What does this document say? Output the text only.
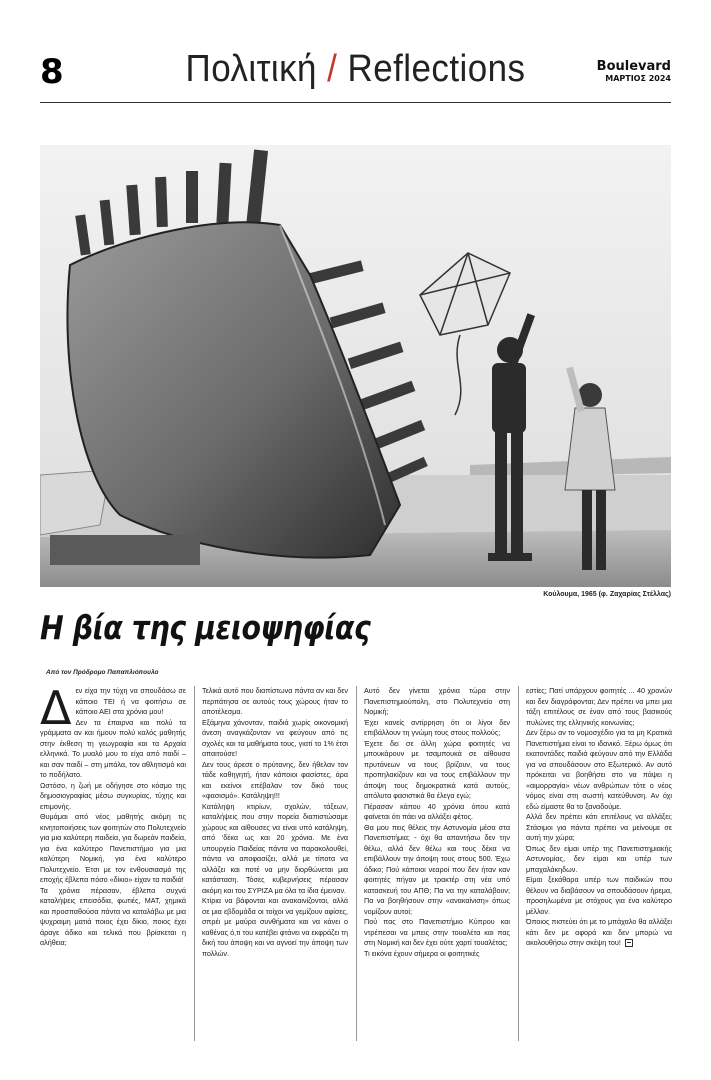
8	Πολιτική / Reflections	Boulevard
ΜΑΡΤΙΟΣ 2024
Κούλουμα, 1965 (φ. Ζαχαρίας Στέλλας)
Η βία της μειοψηφίας
Από τον Πρόδρομο Παπαπλιόπουλο
Δ εν είχα την τύχη να σπουδάσω σε κάποιο ΤΕΙ ή να φοιτήσω σε κάποιο ΑΕΙ στα χρόνια μου!

Δεν τα έπαιρνα και πολύ τα γράμματα αν και ήμουν πολύ καλός μαθητής στην έκθεση τη γεωγραφία και τα Αρχαία ελληνικά. Το μυαλό μου το είχα από παιδί – και σαν παιδί – στη μπάλα, τον αθλητισμό και το ποδήλατο.

Ωστόσο, η ζωή με οδήγησε στο κόσμο της δημοσιογραφίας μέσω συγκυρίας, τύχης και επιμονής.

Θυμάμαι από νέος μαθητής ακόμη τις κινητοποιήσεις των φοιτητών στο Πολυτεχνείο για μια καλύτερη παιδεία, για δωρεάν παιδεία, για ένα καλύτερο Πανεπιστήμιο για μια καλύτερη Νομική, για ένα καλύτερο Πολυτεχνείο. Έτσι με τον ενθουσιασμό της εποχής έβλεπα πόσο «δίκιο» είχαν τα παιδιά!

Τα χρόνια πέρασαν, έβλεπα συχνά καταλήψεις επεισόδια, φωτιές, ΜΑΤ, χημικά και προσπαθούσα πάντα να καταλάβω με μια ψυχραιμη ματιά ποιος έχει δίκιο, ποιος έχει άραγε άδικο και τελικά που βρίσκεται η αλήθεια;

Τελικά αυτό που διαπίστωνα πάντα αν και δεν περπάτησα σε αυτούς τους χώρους ήταν το αποτέλεσμα.

Εξάμηνα χάνονταν, παιδιά χωρίς οικονομική άνεση αναγκάζονταν να φεύγουν από τις σχολές και τα μαθήματα τους, γιατί το 1% έτσι απαιτούσε!

Δεν τους άρεσε ο πρύτανης, δεν ήθελαν τον τάδε καθηγητή, ήταν κάποιοι φασίστες, άρα και εκείνοι επέβαλαν τον δικό τους «φασισμό». Κατάληψη!!!

Κατάληψη κτιρίων, σχολών, τάξεων, καταλήψεις που στην πορεία διαπιστώσαμε χώρους και αίθουσες να είναι υπό κατάληψη, από 'δέκα ως και 20 χρόνια. Με ένα υπουργείο Παιδείας πάντα να παρακολουθεί, πάντα να αποφασίζει, αλλά με τίποτα να αλλάζει και ποτέ να μην διορθώνεται μια κατάσταση. Τόσες κυβερνήσεις πέρασαν ακόμη και του ΣΥΡΙΖΑ μα όλα τα ίδια έμειναν.

Κτίρια να βάφονται και ανακαινίζονται, αλλά σε μια εβδομάδα οι τοίχοι να γεμίζουν αφίσες, σπρέι με μαύρα συνθήματα και να κάνει ο καθένας ό,τι του κατέβει φτάνει να εκφράζει τη δική του άποψη και να αγνοεί την άποψη των πολλών.

Αυτό δεν γίνεται χρόνια τώρα στην Πανεπιστημιούπολη, στο Πολυτεχνείο στη Νομική;

Έχει κανείς αντίρρηση ότι οι λίγοι δεν επιβάλλουν τη γνώμη τους στους πολλούς;

Έχετε δει σε άλλη χώρα φοιτητές να μπουκάρουν με τσαμπουκά σε αίθουσα πρυτάνεων να τους βρίζουν, να τους προπηλακίζουν και να τους επιβάλλουν την άποψη τους δημοκρατικά κατά αυτούς, απόλυτα φασιστικά θα έλεγα εγώ;

Πέρασαν κάπου 40 χρόνια όπου κατά φαίνεται ότι πάει να αλλάξει φέτος.

Θα μου πεις θέλεις την Αστυνομία μέσα στα Πανεπιστήμια; - όχι θα απαντήσω δεν την θέλω, αλλά δεν θέλω και τους δέκα να επιβάλλουν την άποψη τους στους 500. Έχω άδικο; Πού κάποιοι νεαροί που δεν ήταν καν φοιτητές πήγαν με τρακτέρ στη νέα υπό κατασκευή του ΑΠΘ; Πα να την καταλάβουν; Πα να βοηθήσουν στην «ανακαίνιση» όπως νομίζουν αυτοί;

Πού πας στο Πανεπιστήμιο Κύπρου και ντρέπεσαι να μπεις στην τουαλέτα και πας στη Νομική και δεν έχει ούτε χαρτί τουαλέτας;

Τι εικόνα έχουν σήμερα οι φοιτητικές

εστίες; Πατί υπάρχουν φοιτητές ... 40 χρονών και δεν διαγράφονται; Δεν πρέπει να μπει μια τάξη επιτέλους σε έναν από τους βασικούς πυλώνες της ελληνικής κοινωνίας;

Δεν ξέρω αν το νομοσχέδιο για τα μη Κρατικά Πανεπιστήμια είναι το ιδανικό. Ξέρω όμως ότι εκατοντάδες παιδιά φεύγουν από την Ελλάδα για να σπουδάσουν στο Εξωτερικό. Αν αυτό πρόκειται να βοηθήσει στο να πάψει η «αιμορραγία» νέων ανθρώπων τότε ο νέος νόμος είναι στη σωστή κατεύθυνση. Αν όχι εδώ είμαστε θα το ξαναδούμε.

Αλλά δεν πρέπει κάτι επιτέλους να αλλάξει; Στάσιμοι για πάντα πρέπει να μείνουμε σε αυτή την χώρα;

Όπως δεν είμαι υπέρ της Πανεπιστημιακής Αστυνομίας, δεν είμαι και υπέρ των μπαχαλάκηδων.

Είμαι ξεκάθαρα υπέρ των παιδικών που θέλουν να διαβάσουν να σπουδάσουν ήρεμα, προσηλωμένα με στόχους για ένα καλύτερο μέλλον.

Όποιος πιστεύει ότι με το μπάχαλο θα αλλάξει κάτι δεν με αφορά και δεν μπορώ να ακολουθήσω στην σκέψη του!
